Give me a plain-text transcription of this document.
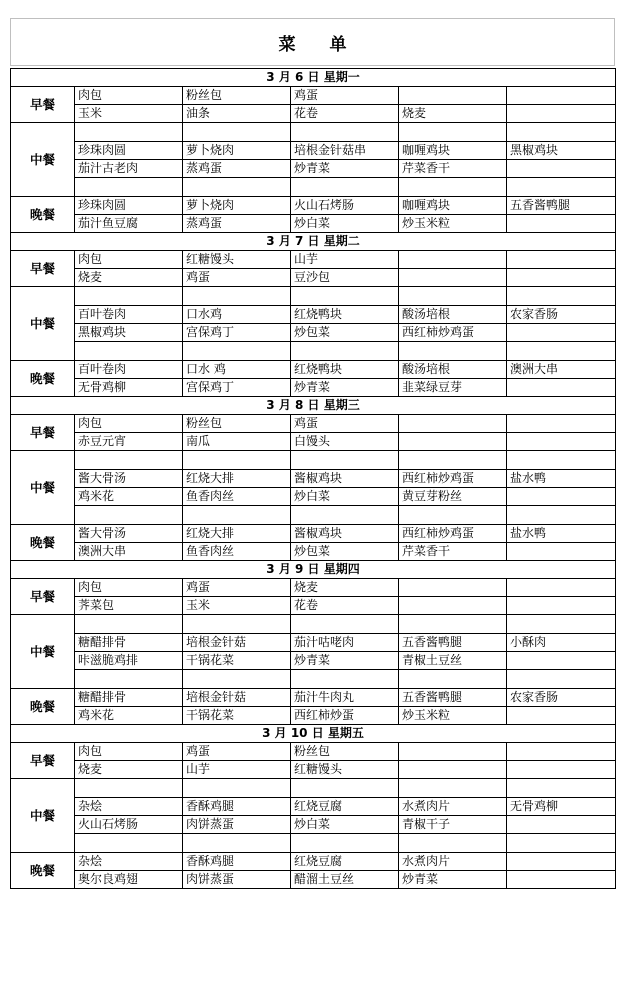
菜 单
3 月 6 日 星期一					
早餐	肉包	粉丝包	鸡蛋		
	玉米	油条	花卷	烧麦	
中餐					
	珍珠肉圆	萝卜烧肉	培根金针菇串	咖喱鸡块	黑椒鸡块
	茄汁古老肉	蒸鸡蛋	炒青菜	芹菜香干	

晚餐	珍珠肉圆	萝卜烧肉	火山石烤肠	咖喱鸡块	五香酱鸭腿
	茄汁鱼豆腐	蒸鸡蛋	炒白菜	炒玉米粒	
3 月 7 日 星期二					
早餐	肉包	红糖馒头	山芋		
	烧麦	鸡蛋	豆沙包		
中餐					
	百叶卷肉	口水鸡	红烧鸭块	酸汤培根	农家香肠
	黑椒鸡块	宫保鸡丁	炒包菜	西红柿炒鸡蛋	

晚餐	百叶卷肉	口水 鸡	红烧鸭块	酸汤培根	澳洲大串
	无骨鸡柳	宫保鸡丁	炒青菜	韭菜绿豆芽	
3 月 8 日 星期三					
早餐	肉包	粉丝包	鸡蛋		
	赤豆元宵	南瓜	白馒头		
中餐					
	酱大骨汤	红烧大排	酱椒鸡块	西红柿炒鸡蛋	盐水鸭
	鸡米花	鱼香肉丝	炒白菜	黄豆芽粉丝	

晚餐	酱大骨汤	红烧大排	酱椒鸡块	西红柿炒鸡蛋	盐水鸭
	澳洲大串	鱼香肉丝	炒包菜	芹菜香干	
3 月 9 日 星期四					
早餐	肉包	鸡蛋	烧麦		
	荠菜包	玉米	花卷		
中餐					
	糖醋排骨	培根金针菇	茄汁咕咾肉	五香酱鸭腿	小酥肉
	咔滋脆鸡排	干锅花菜	炒青菜	青椒土豆丝	

晚餐	糖醋排骨	培根金针菇	茄汁牛肉丸	五香酱鸭腿	农家香肠
	鸡米花	干锅花菜	西红柿炒蛋	炒玉米粒	
3 月 10 日 星期五					
早餐	肉包	鸡蛋	粉丝包		
	烧麦	山芋	红糖馒头		
中餐					
	杂烩	香酥鸡腿	红烧豆腐	水煮肉片	无骨鸡柳
	火山石烤肠	肉饼蒸蛋	炒白菜	青椒干子	

晚餐	杂烩	香酥鸡腿	红烧豆腐	水煮肉片	
	奥尔良鸡翅	肉饼蒸蛋	醋溜土豆丝	炒青菜	
